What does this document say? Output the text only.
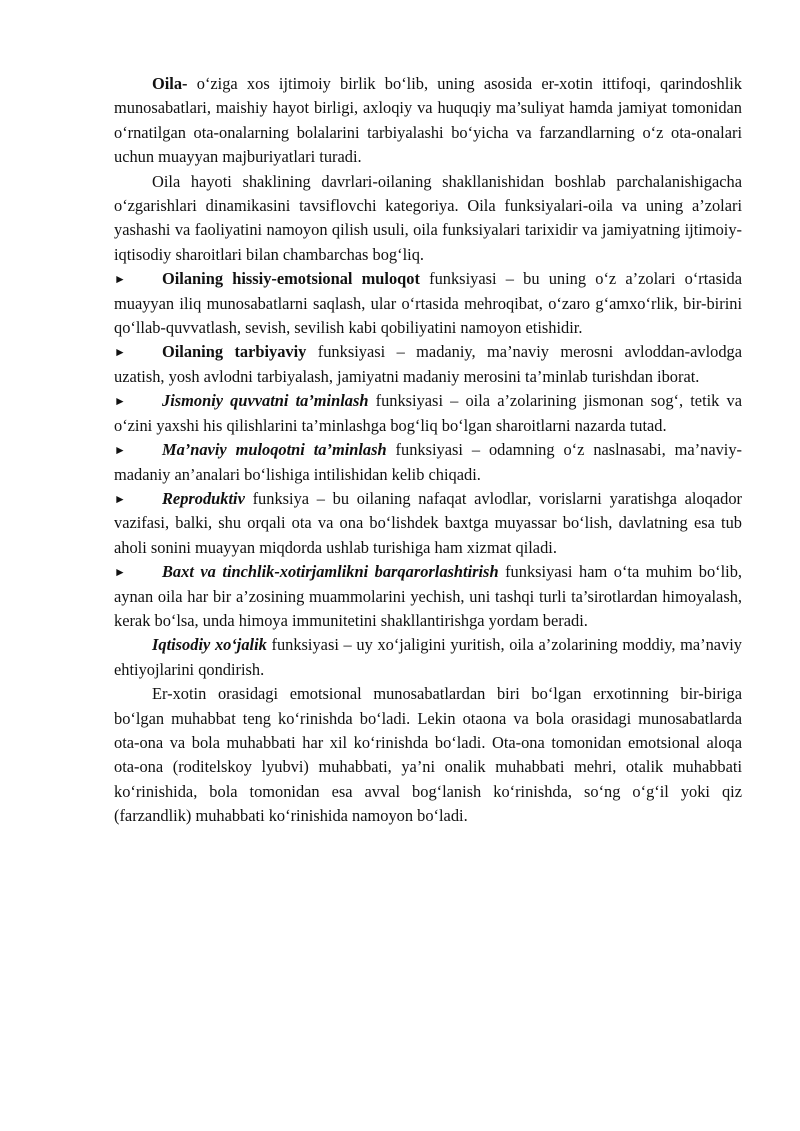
Oila- o‘ziga xos ijtimoiy birlik bo‘lib, uning asosida er-xotin ittifoqi, qarindoshlik munosabatlari, maishiy hayot birligi, axloqiy va huquqiy ma’suliyat hamda jamiyat tomonidan o‘rnatilgan ota-onalarning bolalarini tarbiyalashi bo‘yicha va farzandlarning o‘z ota-onalari uchun muayyan majburiyatlari turadi.

Oila hayoti shaklining davrlari-oilaning shakllanishidan boshlab parchalanishigacha o‘zgarishlari dinamikasini tavsiflovchi kategoriya. Oila funksiyalari-oila va uning a’zolari yashashi va faoliyatini namoyon qilish usuli, oila funksiyalari tarixidir va jamiyatning ijtimoiy-iqtisodiy sharoitlari bilan chambarchas bog‘liq.

► Oilaning hissiy-emotsional muloqot funksiyasi – bu uning o‘z a’zolari o‘rtasida muayyan iliq munosabatlarni saqlash, ular o‘rtasida mehroqibat, o‘zaro g‘amxo‘rlik, bir-birini qo‘llab-quvvatlash, sevish, sevilish kabi qobiliyatini namoyon etishidir.

► Oilaning tarbiyaviy funksiyasi – madaniy, ma’naviy merosni avloddan-avlodga uzatish, yosh avlodni tarbiyalash, jamiyatni madaniy merosini ta’minlab turishdan iborat.

► Jismoniy quvvatni ta’minlash funksiyasi – oila a’zolarining jismonan sog‘, tetik va o‘zini yaxshi his qilishlarini ta’minlashga bog‘liq bo‘lgan sharoitlarni nazarda tutad.

► Ma’naviy muloqotni ta’minlash funksiyasi – odamning o‘z naslnasabi, ma’naviy-madaniy an’analari bo‘lishiga intilishidan kelib chiqadi.

► Reproduktiv funksiya – bu oilaning nafaqat avlodlar, vorislarni yaratishga aloqador vazifasi, balki, shu orqali ota va ona bo‘lishdek baxtga muyassar bo‘lish, davlatning esa tub aholi sonini muayyan miqdorda ushlab turishiga ham xizmat qiladi.

► Baxt va tinchlik-xotirjamlikni barqarorlashtirish funksiyasi ham o‘ta muhim bo‘lib, aynan oila har bir a’zosining muammolarini yechish, uni tashqi turli ta’sirotlardan himoyalash, kerak bo‘lsa, unda himoya immunitetini shakllantirishga yordam beradi.

Iqtisodiy xo‘jalik funksiyasi – uy xo‘jaligini yuritish, oila a’zolarining moddiy, ma’naviy ehtiyojlarini qondirish.

Er-xotin orasidagi emotsional munosabatlardan biri bo‘lgan erxotinning bir-biriga bo‘lgan muhabbat teng ko‘rinishda bo‘ladi. Lekin otaona va bola orasidagi munosabatlarda ota-ona va bola muhabbati har xil ko‘rinishda bo‘ladi. Ota-ona tomonidan emotsional aloqa ota-ona (roditelskoy lyubvi) muhabbati, ya’ni onalik muhabbati mehri, otalik muhabbati ko‘rinishida, bola tomonidan esa avval bog‘lanish ko‘rinishda, so‘ng o‘g‘il yoki qiz (farzandlik) muhabbati ko‘rinishida namoyon bo‘ladi.
